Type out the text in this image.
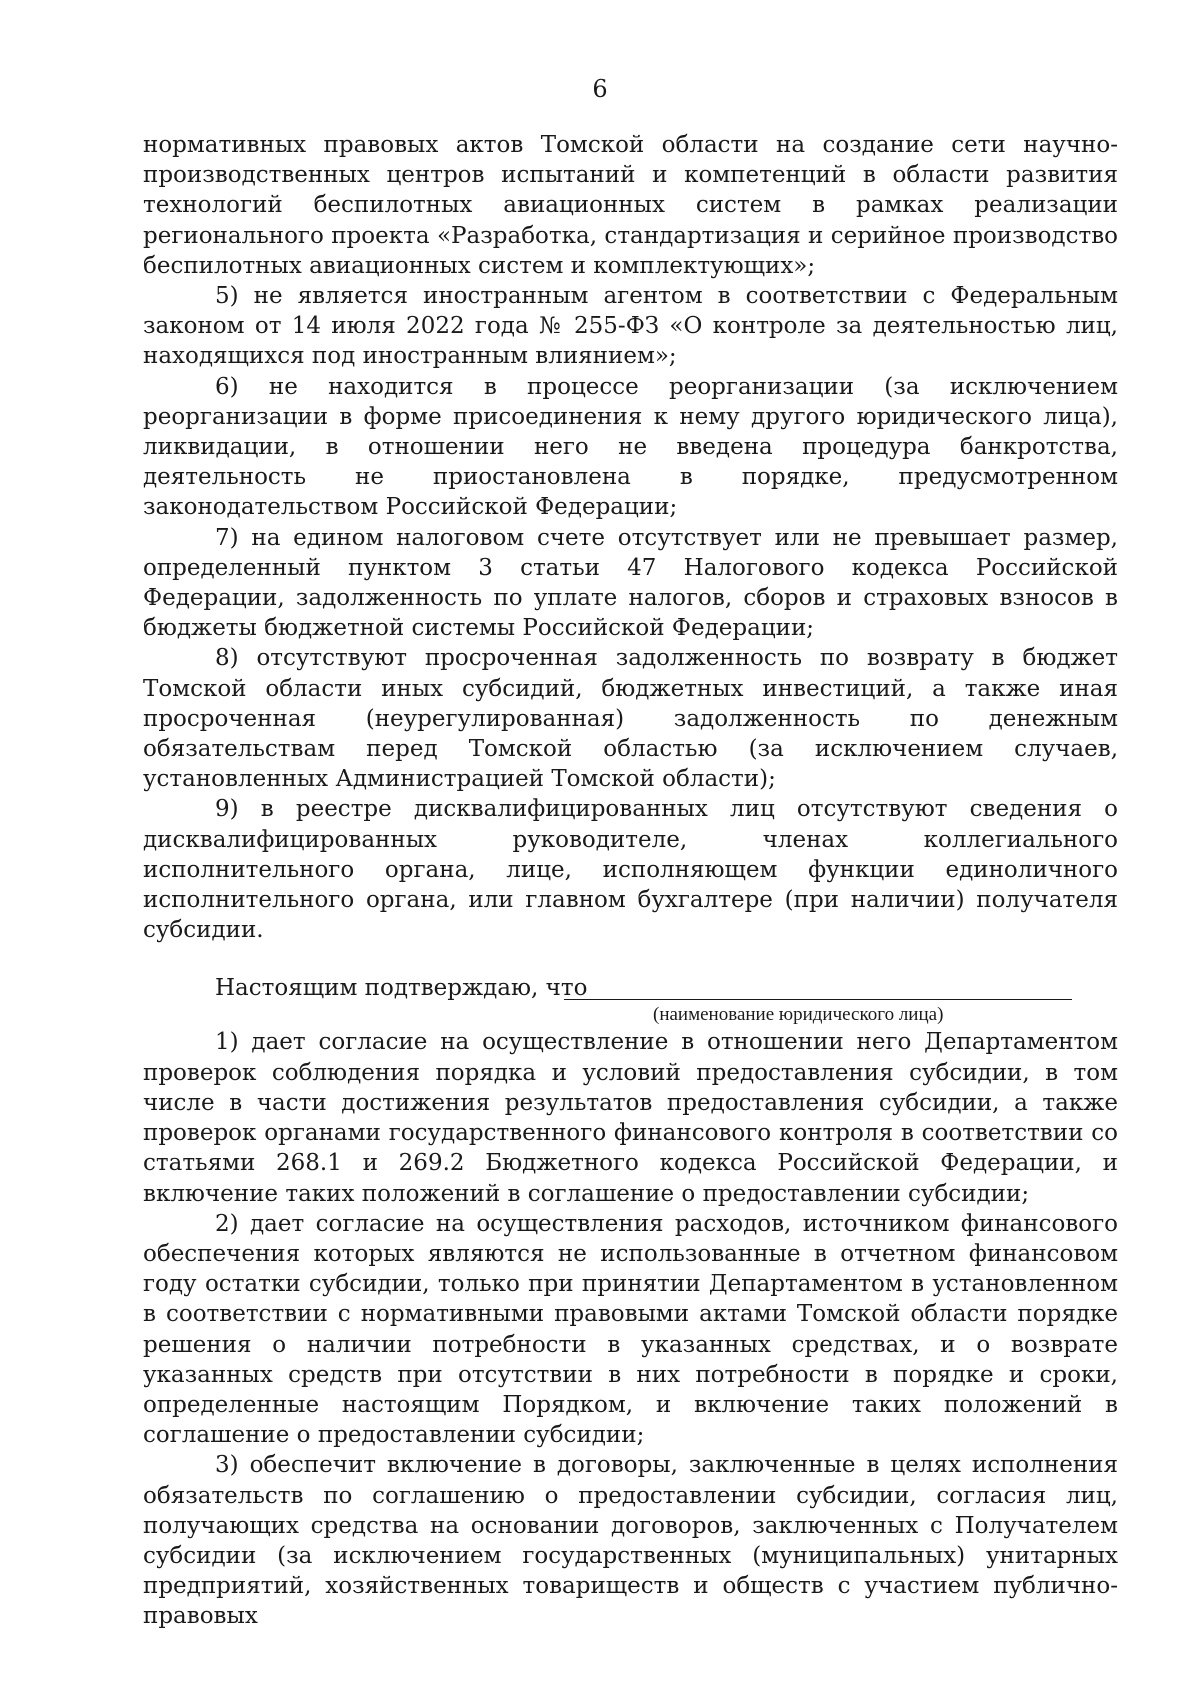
6

нормативных правовых актов Томской области на создание сети научно-производственных центров испытаний и компетенций в области развития технологий беспилотных авиационных систем в рамках реализации регионального проекта «Разработка, стандартизация и серийное производство беспилотных авиационных систем и комплектующих»;

5) не является иностранным агентом в соответствии с Федеральным законом от 14 июля 2022 года № 255-ФЗ «О контроле за деятельностью лиц, находящихся под иностранным влиянием»;

6) не находится в процессе реорганизации (за исключением реорганизации в форме присоединения к нему другого юридического лица), ликвидации, в отношении него не введена процедура банкротства, деятельность не приостановлена в порядке, предусмотренном законодательством Российской Федерации;

7) на едином налоговом счете отсутствует или не превышает размер, определенный пунктом 3 статьи 47 Налогового кодекса Российской Федерации, задолженность по уплате налогов, сборов и страховых взносов в бюджеты бюджетной системы Российской Федерации;

8) отсутствуют просроченная задолженность по возврату в бюджет Томской области иных субсидий, бюджетных инвестиций, а также иная просроченная (неурегулированная) задолженность по денежным обязательствам перед Томской областью (за исключением случаев, установленных Администрацией Томской области);

9) в реестре дисквалифицированных лиц отсутствуют сведения о дисквалифицированных руководителе, членах коллегиального исполнительного органа, лице, исполняющем функции единоличного исполнительного органа, или главном бухгалтере (при наличии) получателя субсидии.

Настоящим подтверждаю, что
(наименование юридического лица)

1) дает согласие на осуществление в отношении него Департаментом проверок соблюдения порядка и условий предоставления субсидии, в том числе в части достижения результатов предоставления субсидии, а также проверок органами государственного финансового контроля в соответствии со статьями 268.1 и 269.2 Бюджетного кодекса Российской Федерации, и включение таких положений в соглашение о предоставлении субсидии;

2) дает согласие на осуществления расходов, источником финансового обеспечения которых являются не использованные в отчетном финансовом году остатки субсидии, только при принятии Департаментом в установленном в соответствии с нормативными правовыми актами Томской области порядке решения о наличии потребности в указанных средствах, и о возврате указанных средств при отсутствии в них потребности в порядке и сроки, определенные настоящим Порядком, и включение таких положений в соглашение о предоставлении субсидии;

3) обеспечит включение в договоры, заключенные в целях исполнения обязательств по соглашению о предоставлении субсидии, согласия лиц, получающих средства на основании договоров, заключенных с Получателем субсидии (за исключением государственных (муниципальных) унитарных предприятий, хозяйственных товариществ и обществ с участием публично-правовых
